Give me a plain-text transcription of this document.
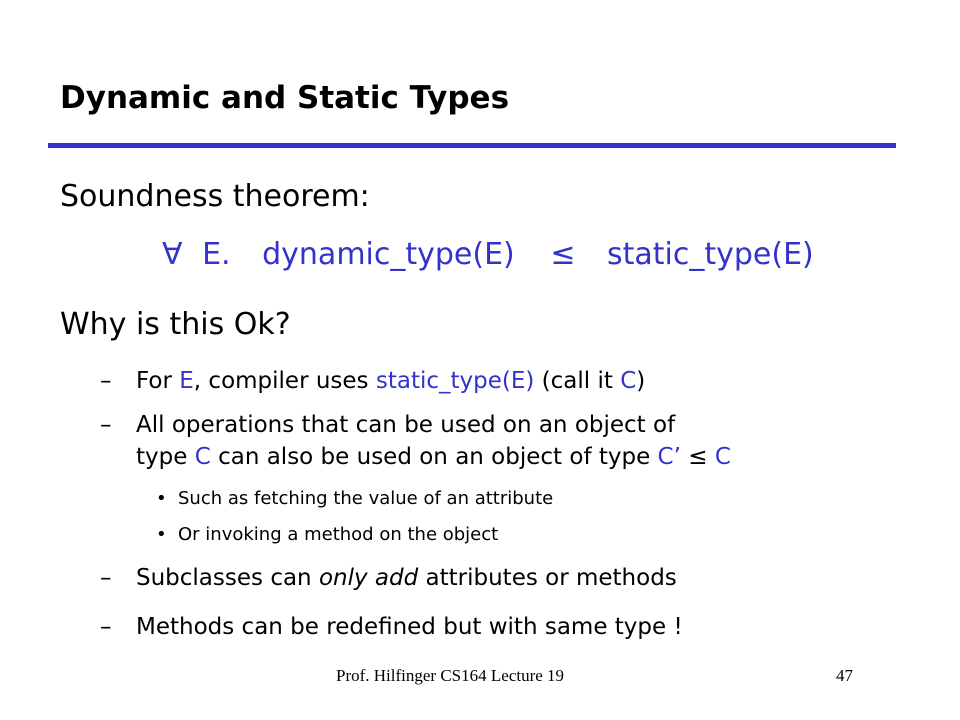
Dynamic and Static Types
Soundness theorem:
∀ E. dynamic_type(E) ≤ static_type(E)
Why is this Ok?
– For E, compiler uses static_type(E) (call it C)
– All operations that can be used on an object of
type C can also be used on an object of type C’ ≤ C
• Such as fetching the value of an attribute
• Or invoking a method on the object
– Subclasses can only add attributes or methods
– Methods can be redefined but with same type !
Prof. Hilfinger CS164 Lecture 19	47
